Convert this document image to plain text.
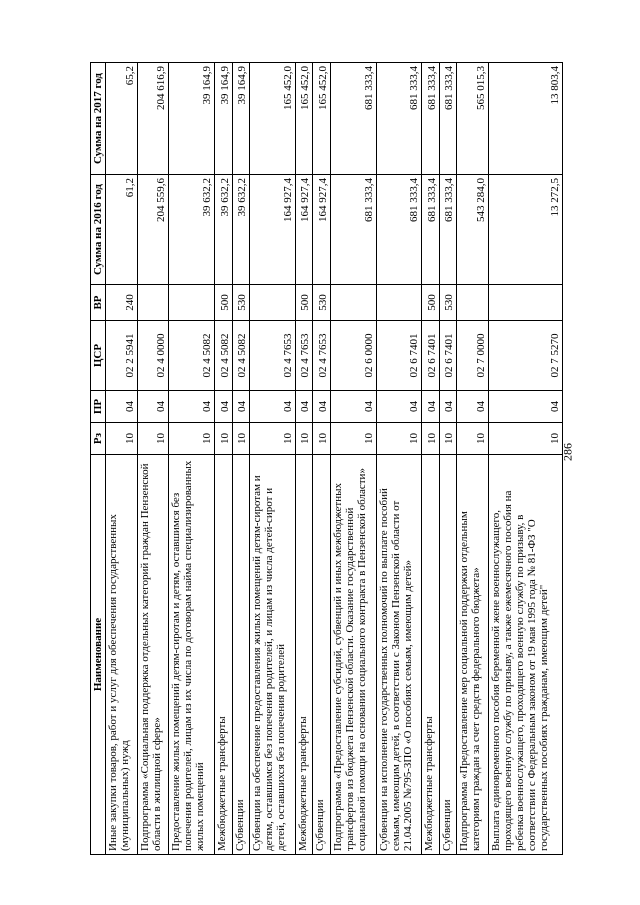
286
Наименование	Рз	ПР	ЦСР	ВР	Сумма на 2016 год	Сумма на 2017 год
Иные закупки товаров, работ и услуг для обеспечения государственных (муниципальных) нужд	10	04	02 2 5941	240	61,2	65,2
Подпрограмма «Социальная поддержка отдельных категорий граждан Пензенской области в жилищной сфере»	10	04	02 4 0000		204 559,6	204 616,9
Предоставление жилых помещений детям-сиротам и детям, оставшимся без попечения родителей, лицам из их числа по договорам найма специализированных жилых помещений	10	04	02 4 5082		39 632,2	39 164,9
Межбюджетные трансферты	10	04	02 4 5082	500	39 632,2	39 164,9
Субвенции	10	04	02 4 5082	530	39 632,2	39 164,9
Субвенции на обеспечение предоставления жилых помещений детям-сиротам и детям, оставшимся без попечения родителей, и лицам из числа детей-сирот и детей, оставшихся без попечения родителей	10	04	02 4 7653		164 927,4	165 452,0
Межбюджетные трансферты	10	04	02 4 7653	500	164 927,4	165 452,0
Субвенции	10	04	02 4 7653	530	164 927,4	165 452,0
Подпрограмма «Предоставление субсидий, субвенций и иных межбюджетных трансфертов из бюджета Пензенской области. Оказание государственной социальной помощи на основании социального контракта в Пензенской области»	10	04	02 6 0000		681 333,4	681 333,4
Субвенции на исполнение государственных полномочий по выплате пособий семьям, имеющим детей, в соответствии с Законом Пензенской области от 21.04.2005 №795-ЗПО «О пособиях семьям, имеющим детей»	10	04	02 6 7401		681 333,4	681 333,4
Межбюджетные трансферты	10	04	02 6 7401	500	681 333,4	681 333,4
Субвенции	10	04	02 6 7401	530	681 333,4	681 333,4
Подпрограмма «Предоставление мер социальной поддержки отдельным категориям граждан за счет средств федерального бюджета»	10	04	02 7 0000		543 284,0	565 015,3
Выплата единовременного пособия беременной жене военнослужащего, проходящего военную службу по призыву, а также ежемесячного пособия на ребенка военнослужащего, проходящего военную службу по призыву, в соответствии с Федеральным законом от 19 мая 1995 года № 81-ФЗ "О государственных пособиях гражданам, имеющим детей"	10	04	02 7 5270		13 272,5	13 803,4
